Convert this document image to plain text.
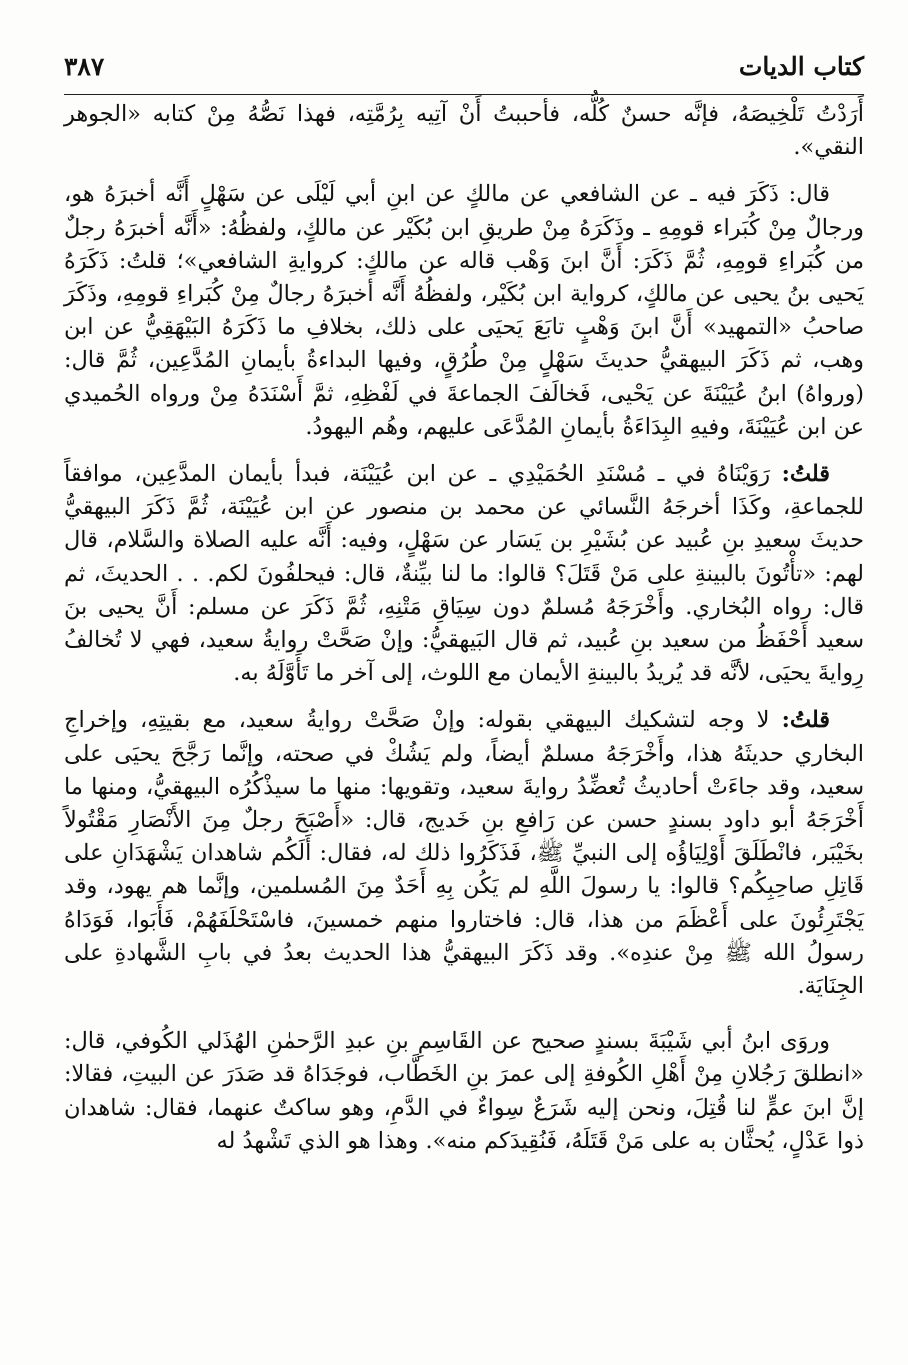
كتاب الديات
٣٨٧

أَرَدْتُ تَلْخِيصَهُ، فإنَّه حسنٌ كُلُّه، فأحببتُ أَنْ آتِيه بِرُمَّتِه، فهذا نَصُّهُ مِنْ كتابه «الجوهر النقي».

قال: ذَكَرَ فيه ـ عن الشافعي عن مالكٍ عن ابنِ أبي لَيْلَى عن سَهْلٍ أَنَّه أخبرَهُ هو، ورجالٌ مِنْ كُبَراء قومِهِ ـ وذَكَرَهُ مِنْ طريقِ ابن بُكَيْر عن مالكٍ، ولفظُهُ: «أَنَّه أخبرَهُ رجلٌ من كُبَراءِ قومِهِ، ثُمَّ ذَكَرَ: أَنَّ ابنَ وَهْب قاله عن مالكٍ: كروايةِ الشافعي»؛ قلتُ: ذَكَرَهُ يَحيى بنُ يحيى عن مالكٍ، كرواية ابن بُكَيْر، ولفظُهُ أَنَّه أخبرَهُ رجالٌ مِنْ كُبَراءِ قومِهِ، وذَكَرَ صاحبُ «التمهيد» أَنَّ ابنَ وَهْبٍ تابَعَ يَحيَى على ذلك، بخلافِ ما ذَكَرَهُ البَيْهَقِيُّ عن ابن وهب، ثم ذَكَرَ البيهقيُّ حديثَ سَهْلٍ مِنْ طُرُقٍ، وفيها البداءةُ بأيمانِ المُدَّعِين، ثُمَّ قال: (ورواهُ) ابنُ عُيَيْنَةَ عن يَحْيى، فَخالَفَ الجماعةَ في لَفْظِهِ، ثمَّ أَسْنَدَهُ مِنْ ورواه الحُميدي عن ابن عُيَيْنَةَ، وفيهِ البِدَاءَةُ بأيمانِ المُدَّعَى عليهم، وهُم اليهودُ.

قلتُ: رَوَيْنَاهُ في ـ مُسْنَدِ الحُمَيْدِي ـ عن ابن عُيَيْنَة، فبدأ بأيمان المدَّعِين، موافقاً للجماعةِ، وكَذَا أخرجَهُ النَّسائي عن محمد بن منصور عن ابن عُيَيْنَة، ثُمَّ ذَكَرَ البيهقيُّ حديثَ سعيدِ بنِ عُبيد عن بُشَيْرِ بن يَسَار عن سَهْلٍ، وفيه: أَنَّه عليه الصلاة والسَّلام، قال لهم: «تأْتُونَ بالبينةِ على مَنْ قَتَلَ؟ قالوا: ما لنا بيِّنةٌ، قال: فيحلفُونَ لكم. . . الحديثَ، ثم قال: رواه البُخاري. وأَخْرَجَهُ مُسلمٌ دون سِيَاقِ مَتْنِهِ، ثُمَّ ذَكَرَ عن مسلم: أَنَّ يحيى بنَ سعيد أَحْفَظُ من سعيد بنِ عُبيد، ثم قال البَيهقيُّ: وإنْ صَحَّتْ روايةُ سعيد، فهي لا تُخالفُ رِوايةَ يحيَى، لأنَّه قد يُريدُ بالبينةِ الأيمان مع اللوث، إلى آخر ما تَأَوَّلَهُ به.

قلتُ: لا وجه لتشكيك البيهقي بقوله: وإنْ صَحَّتْ روايةُ سعيد، مع بقيتِهِ، وإخراجِ البخاري حديثَهُ هذا، وأَخْرَجَهُ مسلمٌ أيضاً، ولم يَشُكْ في صحته، وإنَّما رَجَّحَ يحيَى على سعيد، وقد جاءَتْ أحاديثُ تُعضِّدُ روايةَ سعيد، وتقويها: منها ما سيذْكُرُه البيهقيُّ، ومنها ما أَخْرَجَهُ أبو داود بسندٍ حسن عن رَافعِ بنِ خَديج، قال: «أَصْبَحَ رجلٌ مِنَ الأَنْصَارِ مَقْتُولاً بخَيْبَر، فانْطَلَقَ أَوْلِيَاؤُه إلى النبيِّ ﷺ، فَذَكَرُوا ذلك له، فقال: أَلَكُم شاهدان يَشْهَدَانِ على قَاتِلِ صاحِبِكُم؟ قالوا: يا رسولَ اللَّهِ لم يَكُن بِهِ أَحَدٌ مِنَ المُسلمين، وإنَّما هم يهود، وقد يَجْتَرِئُونَ على أَعْظَمَ من هذا، قال: فاختاروا منهم خمسينَ، فاسْتَحْلَفَهُمْ، فَأَبَوا، فَوَدَاهُ رسولُ الله ﷺ مِنْ عندِه». وقد ذَكَرَ البيهقيُّ هذا الحديث بعدُ في بابِ الشَّهادةِ على الجِنَايَة.

وروَى ابنُ أبي شَيْبَةَ بسندٍ صحيح عن القَاسِمِ بنِ عبدِ الرَّحمٰنِ الهُذَلي الكُوفي، قال: «انطلقَ رَجُلانِ مِنْ أَهْلِ الكُوفةِ إلى عمرَ بنِ الخَطَّاب، فوجَدَاهُ قد صَدَرَ عن البيتِ، فقالا: إنَّ ابنَ عمٍّ لنا قُتِلَ، ونحن إليه شَرَعٌ سِواءٌ في الدَّمِ، وهو ساكتٌ عنهما، فقال: شاهدان ذوا عَدْلٍ، يُحثَّان به على مَنْ قَتَلَهُ، فَنُقِيدَكم منه». وهذا هو الذي تَشْهدُ له
